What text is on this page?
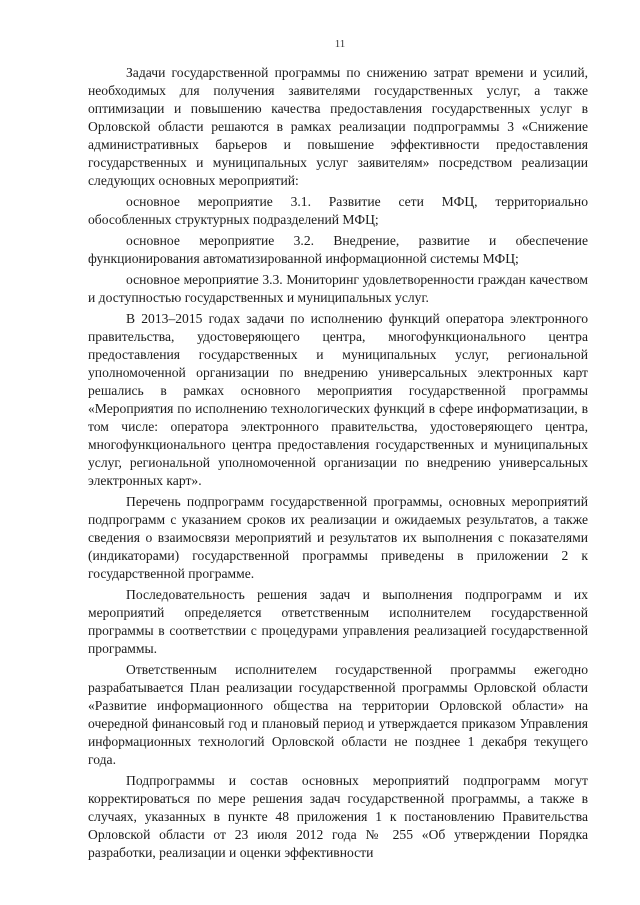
11

Задачи государственной программы по снижению затрат времени и усилий, необходимых для получения заявителями государственных услуг, а также оптимизации и повышению качества предоставления государственных услуг в Орловской области решаются в рамках реализации подпрограммы 3 «Снижение административных барьеров и повышение эффективности предоставления государственных и муниципальных услуг заявителям» посредством реализации следующих основных мероприятий:

основное мероприятие 3.1. Развитие сети МФЦ, территориально обособленных структурных подразделений МФЦ;

основное мероприятие 3.2. Внедрение, развитие и обеспечение функционирования автоматизированной информационной системы МФЦ;

основное мероприятие 3.3. Мониторинг удовлетворенности граждан качеством и доступностью государственных и муниципальных услуг.

В 2013–2015 годах задачи по исполнению функций оператора электронного правительства, удостоверяющего центра, многофункционального центра предоставления государственных и муниципальных услуг, региональной уполномоченной организации по внедрению универсальных электронных карт решались в рамках основного мероприятия государственной программы «Мероприятия по исполнению технологических функций в сфере информатизации, в том числе: оператора электронного правительства, удостоверяющего центра, многофункционального центра предоставления государственных и муниципальных услуг, региональной уполномоченной организации по внедрению универсальных электронных карт».

Перечень подпрограмм государственной программы, основных мероприятий подпрограмм с указанием сроков их реализации и ожидаемых результатов, а также сведения о взаимосвязи мероприятий и результатов их выполнения с показателями (индикаторами) государственной программы приведены в приложении 2 к государственной программе.

Последовательность решения задач и выполнения подпрограмм и их мероприятий определяется ответственным исполнителем государственной программы в соответствии с процедурами управления реализацией государственной программы.

Ответственным исполнителем государственной программы ежегодно разрабатывается План реализации государственной программы Орловской области «Развитие информационного общества на территории Орловской области» на очередной финансовый год и плановый период и утверждается приказом Управления информационных технологий Орловской области не позднее 1 декабря текущего года.

Подпрограммы и состав основных мероприятий подпрограмм могут корректироваться по мере решения задач государственной программы, а также в случаях, указанных в пункте 48 приложения 1 к постановлению Правительства Орловской области от 23 июля 2012 года № 255 «Об утверждении Порядка разработки, реализации и оценки эффективности
